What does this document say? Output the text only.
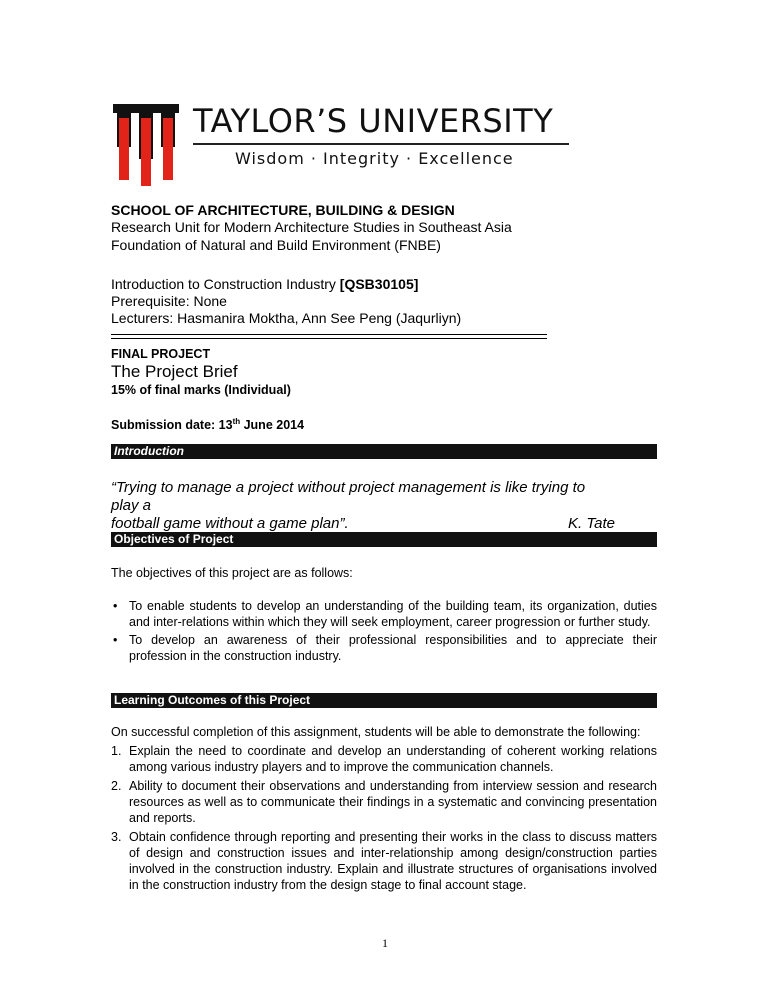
TAYLOR’S UNIVERSITY
Wisdom · Integrity · Excellence
SCHOOL OF ARCHITECTURE, BUILDING & DESIGN
Research Unit for Modern Architecture Studies in Southeast Asia
Foundation of Natural and Build Environment (FNBE)
Introduction to Construction Industry [QSB30105]
Prerequisite: None
Lecturers: Hasmanira Moktha, Ann See Peng (Jaqurliyn)
FINAL PROJECT
The Project Brief
15% of final marks (Individual)
Submission date: 13th June 2014
Introduction
“Trying to manage a project without project management is like trying to play a
football game without a game plan”.	K. Tate
Objectives of Project
The objectives of this project are as follows:
• To enable students to develop an understanding of the building team, its organization, duties and inter-relations within which they will seek employment, career progression or further study.
• To develop an awareness of their professional responsibilities and to appreciate their profession in the construction industry.
Learning Outcomes of this Project
On successful completion of this assignment, students will be able to demonstrate the following:
1. Explain the need to coordinate and develop an understanding of coherent working relations among various industry players and to improve the communication channels.
2. Ability to document their observations and understanding from interview session and research resources as well as to communicate their findings in a systematic and convincing presentation and reports.
3. Obtain confidence through reporting and presenting their works in the class to discuss matters of design and construction issues and inter-relationship among design/construction parties involved in the construction industry. Explain and illustrate structures of organisations involved in the construction industry from the design stage to final account stage.
1
